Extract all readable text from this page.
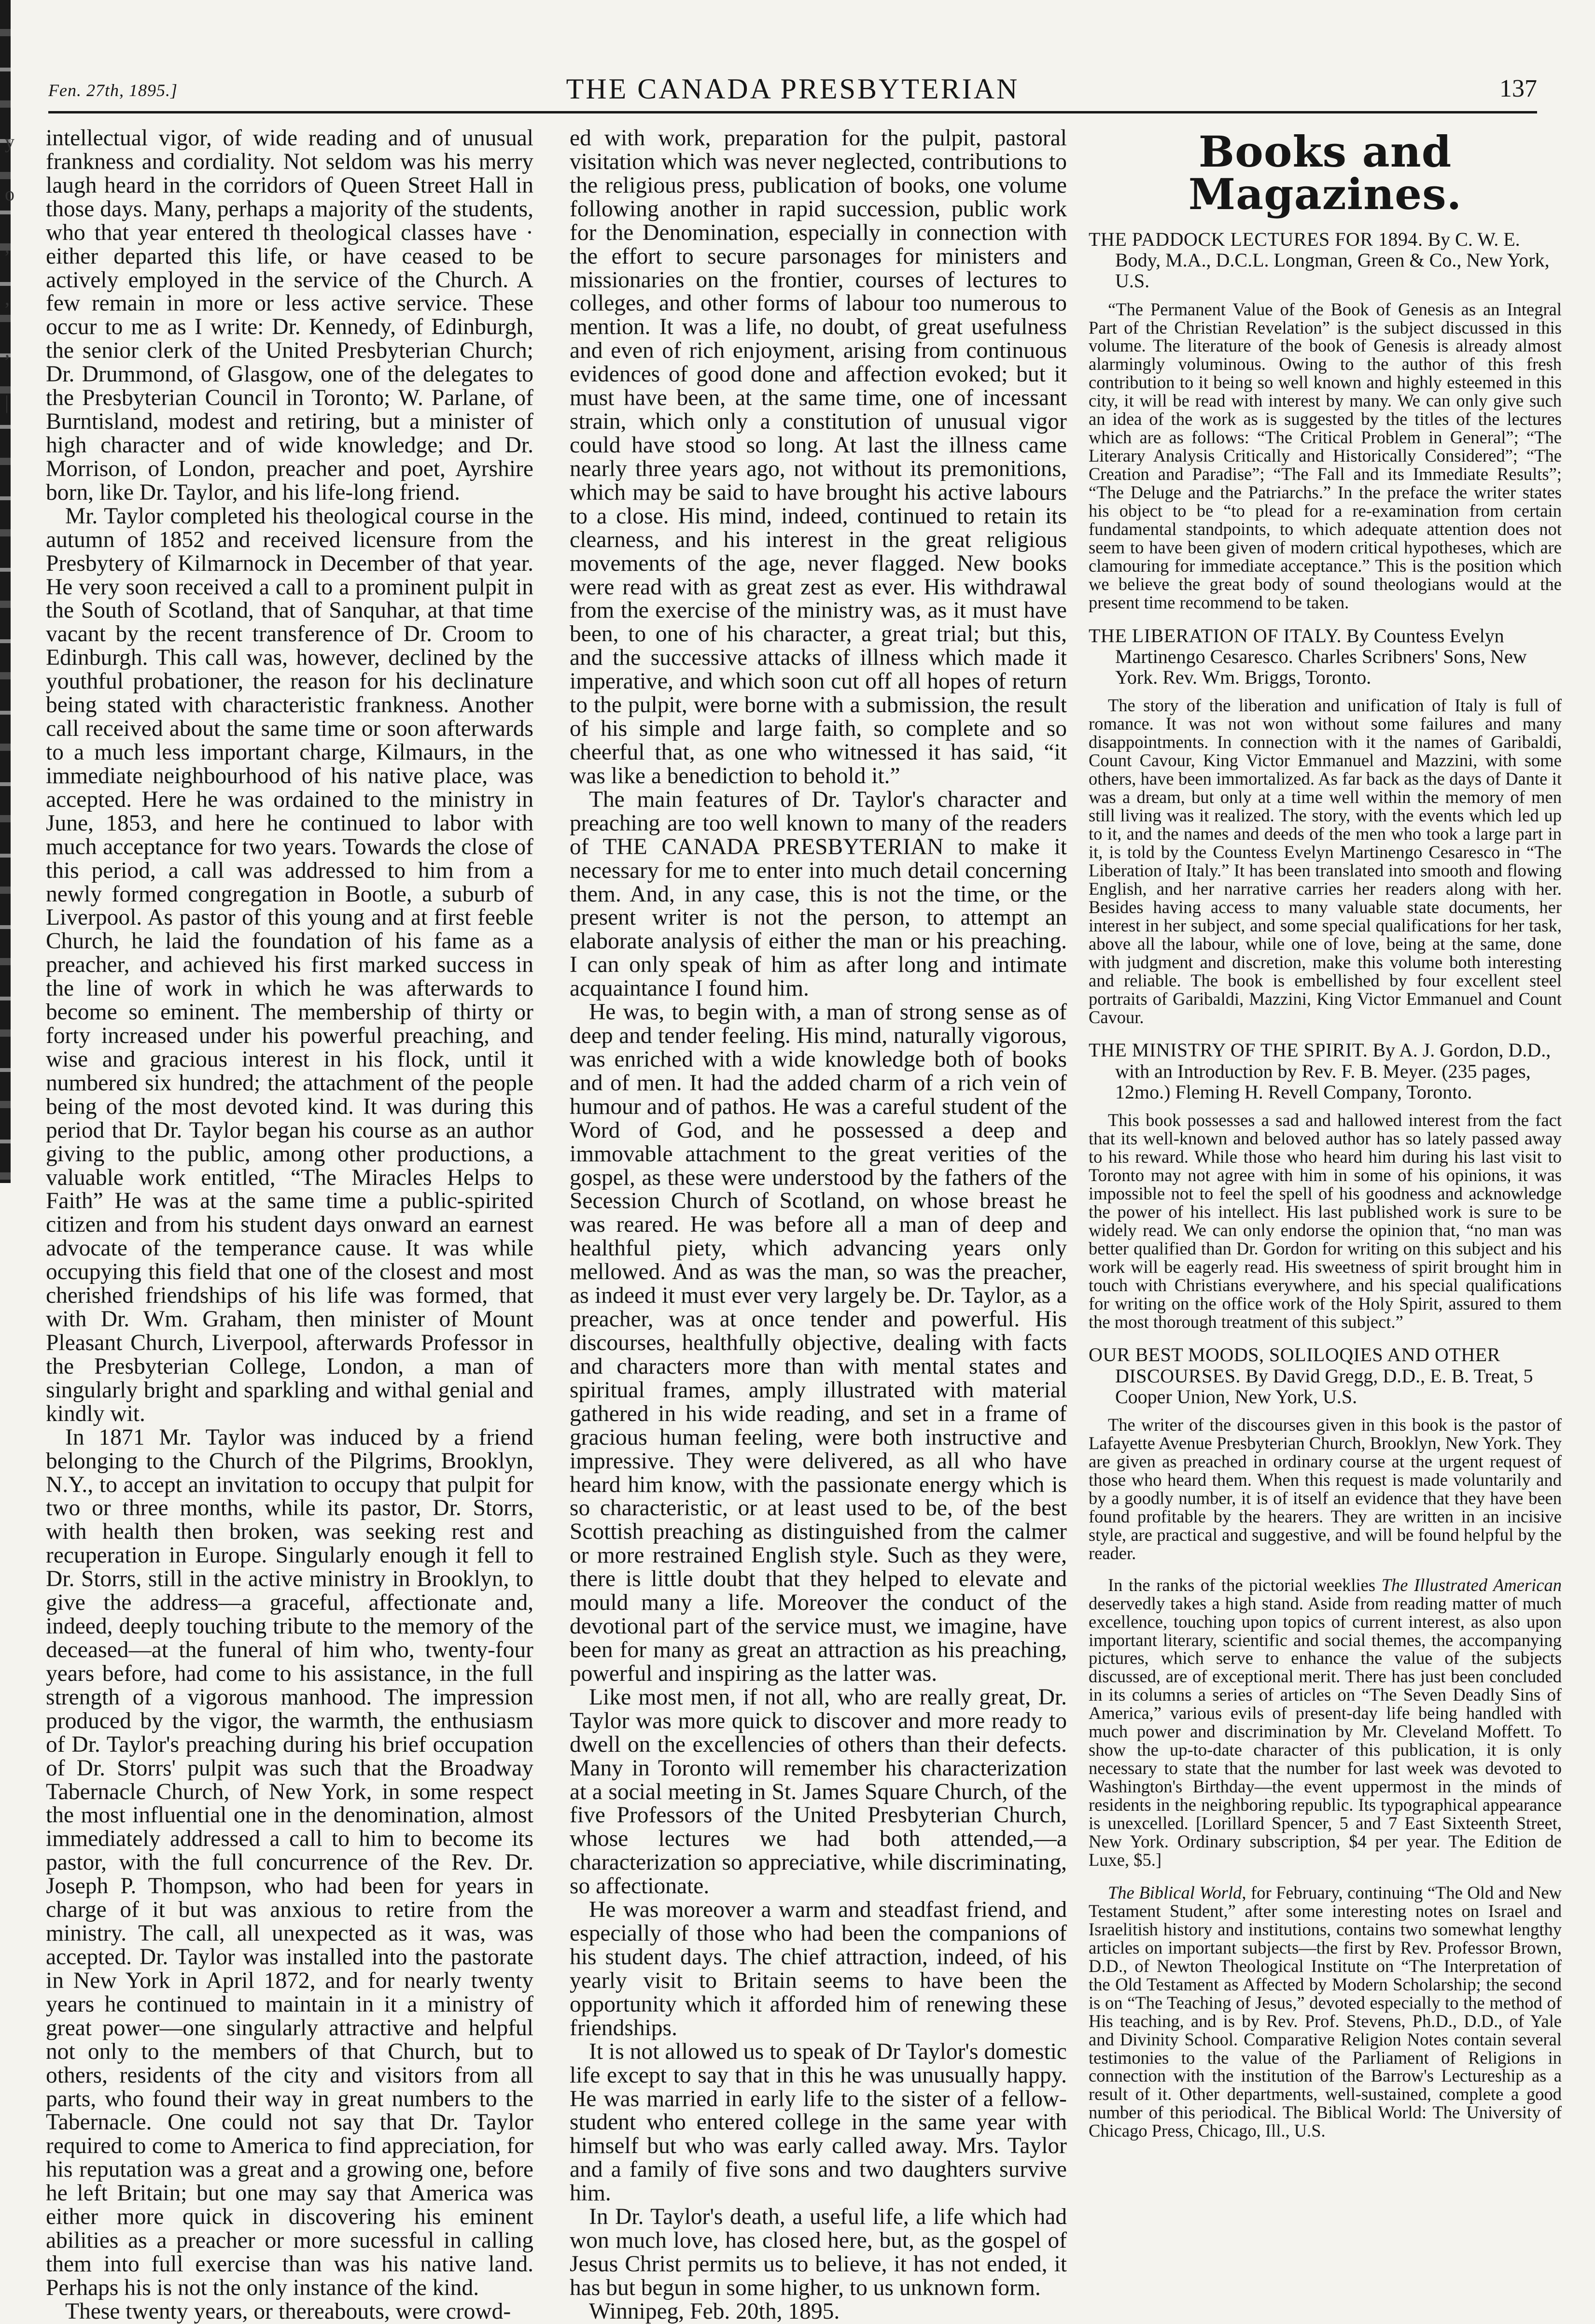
y
o
,
,
,
|
Fen. 27th, 1895.]	THE CANADA PRESBYTERIAN	137

intellectual vigor, of wide reading and of unusual frankness and cordiality. Not seldom was his merry laugh heard in the corridors of Queen Street Hall in those days. Many, perhaps a majority of the students, who that year entered th theological classes have · either departed this life, or have ceased to be actively employed in the service of the Church. A few remain in more or less active service. These occur to me as I write: Dr. Kennedy, of Edinburgh, the senior clerk of the United Presbyterian Church; Dr. Drummond, of Glasgow, one of the delegates to the Presbyterian Council in Toronto; W. Parlane, of Burntisland, modest and retiring, but a minister of high character and of wide knowledge; and Dr. Morrison, of London, preacher and poet, Ayrshire born, like Dr. Taylor, and his life-long friend.

Mr. Taylor completed his theological course in the autumn of 1852 and received licensure from the Presbytery of Kilmarnock in December of that year. He very soon received a call to a prominent pulpit in the South of Scotland, that of Sanquhar, at that time vacant by the recent transference of Dr. Croom to Edinburgh. This call was, however, declined by the youthful probationer, the reason for his declinature being stated with characteristic frankness. Another call received about the same time or soon afterwards to a much less important charge, Kilmaurs, in the immediate neighbourhood of his native place, was accepted. Here he was ordained to the ministry in June, 1853, and here he continued to labor with much acceptance for two years. Towards the close of this period, a call was addressed to him from a newly formed congregation in Bootle, a suburb of Liverpool. As pastor of this young and at first feeble Church, he laid the foundation of his fame as a preacher, and achieved his first marked success in the line of work in which he was afterwards to become so eminent. The membership of thirty or forty increased under his powerful preaching, and wise and gracious interest in his flock, until it numbered six hundred; the attachment of the people being of the most devoted kind. It was during this period that Dr. Taylor began his course as an author giving to the public, among other productions, a valuable work entitled, “The Miracles Helps to Faith” He was at the same time a public-spirited citizen and from his student days onward an earnest advocate of the temperance cause. It was while occupying this field that one of the closest and most cherished friendships of his life was formed, that with Dr. Wm. Graham, then minister of Mount Pleasant Church, Liverpool, afterwards Professor in the Presbyterian College, London, a man of singularly bright and sparkling and withal genial and kindly wit.

In 1871 Mr. Taylor was induced by a friend belonging to the Church of the Pilgrims, Brooklyn, N.Y., to accept an invitation to occupy that pulpit for two or three months, while its pastor, Dr. Storrs, with health then broken, was seeking rest and recuperation in Europe. Singularly enough it fell to Dr. Storrs, still in the active ministry in Brooklyn, to give the address—a graceful, affectionate and, indeed, deeply touching tribute to the memory of the deceased—at the funeral of him who, twenty-four years before, had come to his assistance, in the full strength of a vigorous manhood. The impression produced by the vigor, the warmth, the enthusiasm of Dr. Taylor's preaching during his brief occupation of Dr. Storrs' pulpit was such that the Broadway Tabernacle Church, of New York, in some respect the most influential one in the denomination, almost immediately addressed a call to him to become its pastor, with the full concurrence of the Rev. Dr. Joseph P. Thompson, who had been for years in charge of it but was anxious to retire from the ministry. The call, all unexpected as it was, was accepted. Dr. Taylor was installed into the pastorate in New York in April 1872, and for nearly twenty years he continued to maintain in it a ministry of great power—one singularly attractive and helpful not only to the members of that Church, but to others, residents of the city and visitors from all parts, who found their way in great numbers to the Tabernacle. One could not say that Dr. Taylor required to come to America to find appreciation, for his reputation was a great and a growing one, before he left Britain; but one may say that America was either more quick in discovering his eminent abilities as a preacher or more sucessful in calling them into full exercise than was his native land. Perhaps his is not the only instance of the kind.

These twenty years, or thereabouts, were crowd-

ed with work, preparation for the pulpit, pastoral visitation which was never neglected, contributions to the religious press, publication of books, one volume following another in rapid succession, public work for the Denomination, especially in connection with the effort to secure parsonages for ministers and missionaries on the frontier, courses of lectures to colleges, and other forms of labour too numerous to mention. It was a life, no doubt, of great usefulness and even of rich enjoyment, arising from continuous evidences of good done and affection evoked; but it must have been, at the same time, one of incessant strain, which only a constitution of unusual vigor could have stood so long. At last the illness came nearly three years ago, not without its premonitions, which may be said to have brought his active labours to a close. His mind, indeed, continued to retain its clearness, and his interest in the great religious movements of the age, never flagged. New books were read with as great zest as ever. His withdrawal from the exercise of the ministry was, as it must have been, to one of his character, a great trial; but this, and the successive attacks of illness which made it imperative, and which soon cut off all hopes of return to the pulpit, were borne with a submission, the result of his simple and large faith, so complete and so cheerful that, as one who witnessed it has said, “it was like a benediction to behold it.”

The main features of Dr. Taylor's character and preaching are too well known to many of the readers of THE CANADA PRESBYTERIAN to make it necessary for me to enter into much detail concerning them. And, in any case, this is not the time, or the present writer is not the person, to attempt an elaborate analysis of either the man or his preaching. I can only speak of him as after long and intimate acquaintance I found him.

He was, to begin with, a man of strong sense as of deep and tender feeling. His mind, naturally vigorous, was enriched with a wide knowledge both of books and of men. It had the added charm of a rich vein of humour and of pathos. He was a careful student of the Word of God, and he possessed a deep and immovable attachment to the great verities of the gospel, as these were understood by the fathers of the Secession Church of Scotland, on whose breast he was reared. He was before all a man of deep and healthful piety, which advancing years only mellowed. And as was the man, so was the preacher, as indeed it must ever very largely be. Dr. Taylor, as a preacher, was at once tender and powerful. His discourses, healthfully objective, dealing with facts and characters more than with mental states and spiritual frames, amply illustrated with material gathered in his wide reading, and set in a frame of gracious human feeling, were both instructive and impressive. They were delivered, as all who have heard him know, with the passionate energy which is so characteristic, or at least used to be, of the best Scottish preaching as distinguished from the calmer or more restrained English style. Such as they were, there is little doubt that they helped to elevate and mould many a life. Moreover the conduct of the devotional part of the service must, we imagine, have been for many as great an attraction as his preaching, powerful and inspiring as the latter was.

Like most men, if not all, who are really great, Dr. Taylor was more quick to discover and more ready to dwell on the excellencies of others than their defects. Many in Toronto will remember his characterization at a social meeting in St. James Square Church, of the five Professors of the United Presbyterian Church, whose lectures we had both attended,—a characterization so appreciative, while discriminating, so affectionate.

He was moreover a warm and steadfast friend, and especially of those who had been the companions of his student days. The chief attraction, indeed, of his yearly visit to Britain seems to have been the opportunity which it afforded him of renewing these friendships.

It is not allowed us to speak of Dr Taylor's domestic life except to say that in this he was unusually happy. He was married in early life to the sister of a fellow-student who entered college in the same year with himself but who was early called away. Mrs. Taylor and a family of five sons and two daughters survive him.

In Dr. Taylor's death, a useful life, a life which had won much love, has closed here, but, as the gospel of Jesus Christ permits us to believe, it has not ended, it has but begun in some higher, to us unknown form.

Winnipeg, Feb. 20th, 1895.

Books and Magazines.
THE PADDOCK LECTURES FOR 1894. By C. W. E. Body, M.A., D.C.L. Longman, Green & Co., New York, U.S.

“The Permanent Value of the Book of Genesis as an Integral Part of the Christian Revelation” is the subject discussed in this volume. The literature of the book of Genesis is already almost alarmingly voluminous. Owing to the author of this fresh contribution to it being so well known and highly esteemed in this city, it will be read with interest by many. We can only give such an idea of the work as is suggested by the titles of the lectures which are as follows: “The Critical Problem in General”; “The Literary Analysis Critically and Historically Considered”; “The Creation and Paradise”; “The Fall and its Immediate Results”; “The Deluge and the Patriarchs.” In the preface the writer states his object to be “to plead for a re-examination from certain fundamental standpoints, to which adequate attention does not seem to have been given of modern critical hypotheses, which are clamouring for immediate acceptance.” This is the position which we believe the great body of sound theologians would at the present time recommend to be taken.

THE LIBERATION OF ITALY. By Countess Evelyn Martinengo Cesaresco. Charles Scribners' Sons, New York. Rev. Wm. Briggs, Toronto.

The story of the liberation and unification of Italy is full of romance. It was not won without some failures and many disappointments. In connection with it the names of Garibaldi, Count Cavour, King Victor Emmanuel and Mazzini, with some others, have been immortalized. As far back as the days of Dante it was a dream, but only at a time well within the memory of men still living was it realized. The story, with the events which led up to it, and the names and deeds of the men who took a large part in it, is told by the Countess Evelyn Martinengo Cesaresco in “The Liberation of Italy.” It has been translated into smooth and flowing English, and her narrative carries her readers along with her. Besides having access to many valuable state documents, her interest in her subject, and some special qualifications for her task, above all the labour, while one of love, being at the same, done with judgment and discretion, make this volume both interesting and reliable. The book is embellished by four excellent steel portraits of Garibaldi, Mazzini, King Victor Emmanuel and Count Cavour.

THE MINISTRY OF THE SPIRIT. By A. J. Gordon, D.D., with an Introduction by Rev. F. B. Meyer. (235 pages, 12mo.) Fleming H. Revell Company, Toronto.

This book possesses a sad and hallowed interest from the fact that its well-known and beloved author has so lately passed away to his reward. While those who heard him during his last visit to Toronto may not agree with him in some of his opinions, it was impossible not to feel the spell of his goodness and acknowledge the power of his intellect. His last published work is sure to be widely read. We can only endorse the opinion that, “no man was better qualified than Dr. Gordon for writing on this subject and his work will be eagerly read. His sweetness of spirit brought him in touch with Christians everywhere, and his special qualifications for writing on the office work of the Holy Spirit, assured to them the most thorough treatment of this subject.”

OUR BEST MOODS, SOLILOQIES AND OTHER DISCOURSES. By David Gregg, D.D., E. B. Treat, 5 Cooper Union, New York, U.S.

The writer of the discourses given in this book is the pastor of Lafayette Avenue Presbyterian Church, Brooklyn, New York. They are given as preached in ordinary course at the urgent request of those who heard them. When this request is made voluntarily and by a goodly number, it is of itself an evidence that they have been found profitable by the hearers. They are written in an incisive style, are practical and suggestive, and will be found helpful by the reader.

In the ranks of the pictorial weeklies The Illustrated American deservedly takes a high stand. Aside from reading matter of much excellence, touching upon topics of current interest, as also upon important literary, scientific and social themes, the accompanying pictures, which serve to enhance the value of the subjects discussed, are of exceptional merit. There has just been concluded in its columns a series of articles on “The Seven Deadly Sins of America,” various evils of present-day life being handled with much power and discrimination by Mr. Cleveland Moffett. To show the up-to-date character of this publication, it is only necessary to state that the number for last week was devoted to Washington's Birthday—the event uppermost in the minds of residents in the neighboring republic. Its typographical appearance is unexcelled. [Lorillard Spencer, 5 and 7 East Sixteenth Street, New York. Ordinary subscription, $4 per year. The Edition de Luxe, $5.]

The Biblical World, for February, continuing “The Old and New Testament Student,” after some interesting notes on Israel and Israelitish history and institutions, contains two somewhat lengthy articles on important subjects—the first by Rev. Professor Brown, D.D., of Newton Theological Institute on “The Interpretation of the Old Testament as Affected by Modern Scholarship; the second is on “The Teaching of Jesus,” devoted especially to the method of His teaching, and is by Rev. Prof. Stevens, Ph.D., D.D., of Yale and Divinity School. Comparative Religion Notes contain several testimonies to the value of the Parliament of Religions in connection with the institution of the Barrow's Lectureship as a result of it. Other departments, well-sustained, complete a good number of this periodical. The Biblical World: The University of Chicago Press, Chicago, Ill., U.S.
